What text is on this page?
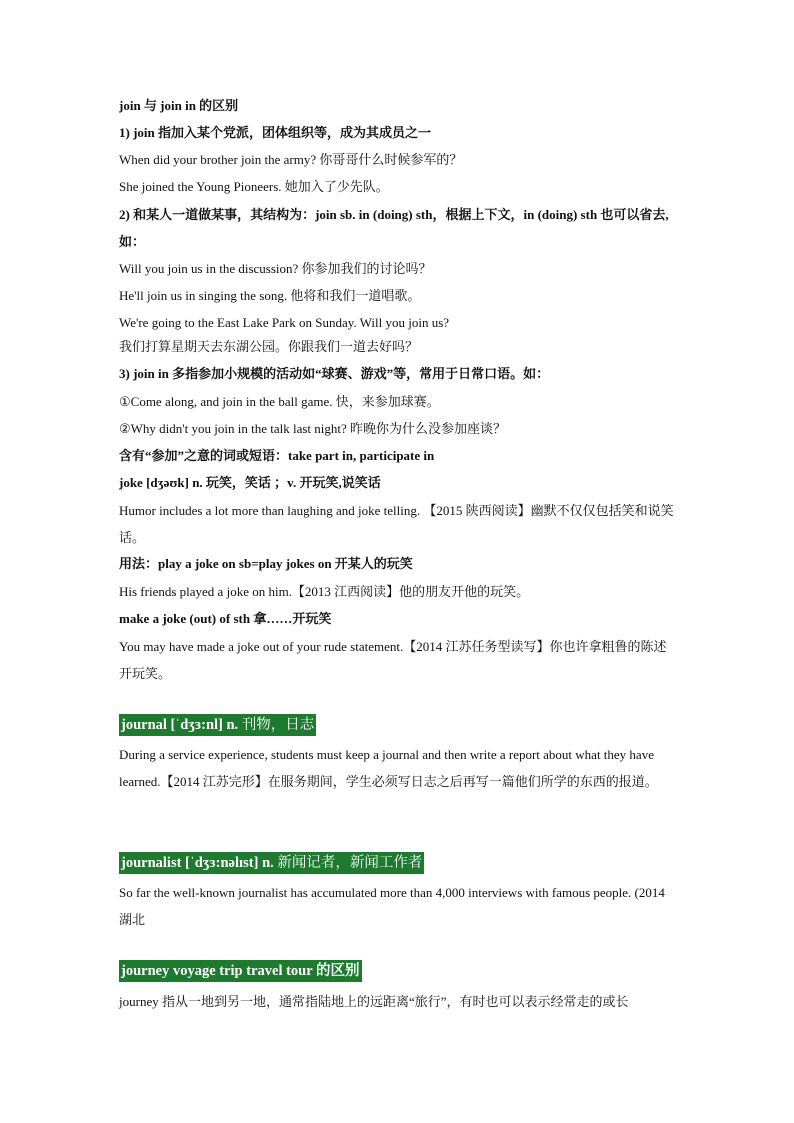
join 与 join in 的区别
1) join 指加入某个党派，团体组织等，成为其成员之一
When did your brother join the army? 你哥哥什么时候参军的？
She joined the Young Pioneers. 她加入了少先队。
2) 和某人一道做某事，其结构为：join sb. in (doing) sth，根据上下文，in (doing) sth 也可以省去,如：
Will you join us in the discussion? 你参加我们的讨论吗？
He'll join us in singing the song. 他将和我们一道唱歌。
We're going to the East Lake Park on Sunday. Will you join us?
我们打算星期天去东湖公园。你跟我们一道去好吗？
3) join in 多指参加小规模的活动如“球赛、游戏”等，常用于日常口语。如：
①Come along, and join in the ball game. 快，来参加球赛。
②Why didn't you join in the talk last night? 昨晚你为什么没参加座谈？
含有“参加”之意的词或短语：take part in, participate in
joke [dʒəʊk] n. 玩笑，笑话 ；v. 开玩笑,说笑话
Humor includes a lot more than laughing and joke telling. 【2015 陕西阅读】幽默不仅仅包括笑和说笑话。
用法：play a joke on sb=play jokes on 开某人的玩笑
His friends played a joke on him.【2013 江西阅读】他的朋友开他的玩笑。
make a joke (out) of sth 拿……开玩笑
You may have made a joke out of your rude statement.【2014 江苏任务型读写】你也许拿粗鲁的陈述开玩笑。
journal [ˈdʒɜ:nl] n. 刊物，日志
During a service experience, students must keep a journal and then write a report about what they have learned.【2014 江苏完形】在服务期间，学生必须写日志之后再写一篇他们所学的东西的报道。
journalist [ˈdʒɜ:nəlɪst] n. 新闻记者，新闻工作者
So far the well-known journalist has accumulated more than 4,000 interviews with famous people. (2014 湖北
journey voyage trip travel tour 的区别
journey 指从一地到另一地，通常指陆地上的远距离“旅行”，有时也可以表示经常走的或长
